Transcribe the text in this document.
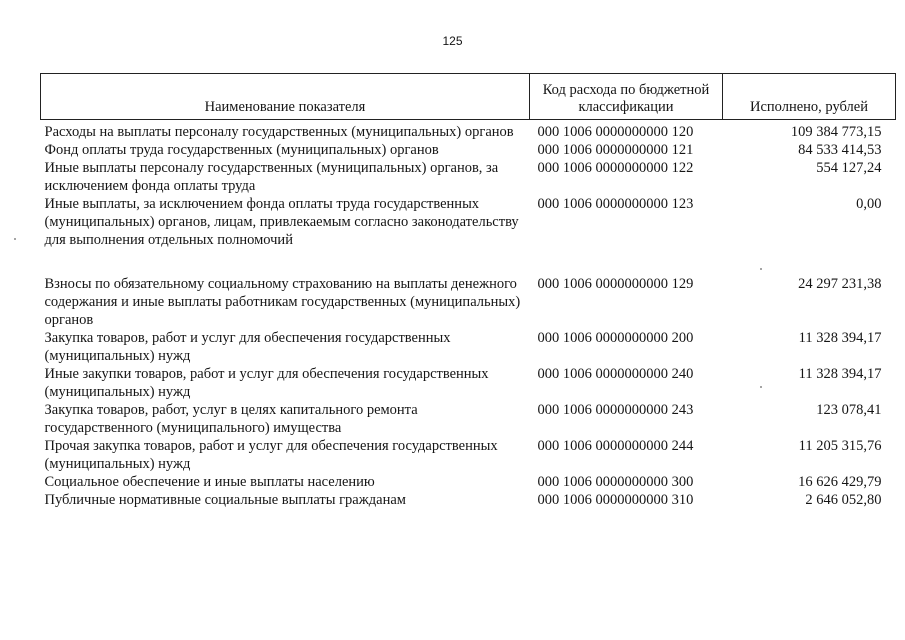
125
Наименование показателя	Код расхода по бюджетной классификации	Исполнено, рублей
Расходы на выплаты персоналу государственных (муниципальных) органов	000 1006 0000000000 120	109 384 773,15
Фонд оплаты труда государственных (муниципальных) органов	000 1006 0000000000 121	84 533 414,53
Иные выплаты персоналу государственных (муниципальных) органов, за исключением фонда оплаты труда	000 1006 0000000000 122	554 127,24
Иные выплаты, за исключением фонда оплаты труда государственных (муниципальных) органов, лицам, привлекаемым согласно законодательству для выполнения отдельных полномочий	000 1006 0000000000 123	0,00
Взносы по обязательному социальному страхованию на выплаты денежного содержания и иные выплаты работникам государственных (муниципальных) органов	000 1006 0000000000 129	24 297 231,38
Закупка товаров, работ и услуг для обеспечения государственных (муниципальных) нужд	000 1006 0000000000 200	11 328 394,17
Иные закупки товаров, работ и услуг для обеспечения государственных (муниципальных) нужд	000 1006 0000000000 240	11 328 394,17
Закупка товаров, работ, услуг в целях капитального ремонта государственного (муниципального) имущества	000 1006 0000000000 243	123 078,41
Прочая закупка товаров, работ и услуг для обеспечения государственных (муниципальных) нужд	000 1006 0000000000 244	11 205 315,76
Социальное обеспечение и иные выплаты населению	000 1006 0000000000 300	16 626 429,79
Публичные нормативные социальные выплаты гражданам	000 1006 0000000000 310	2 646 052,80
